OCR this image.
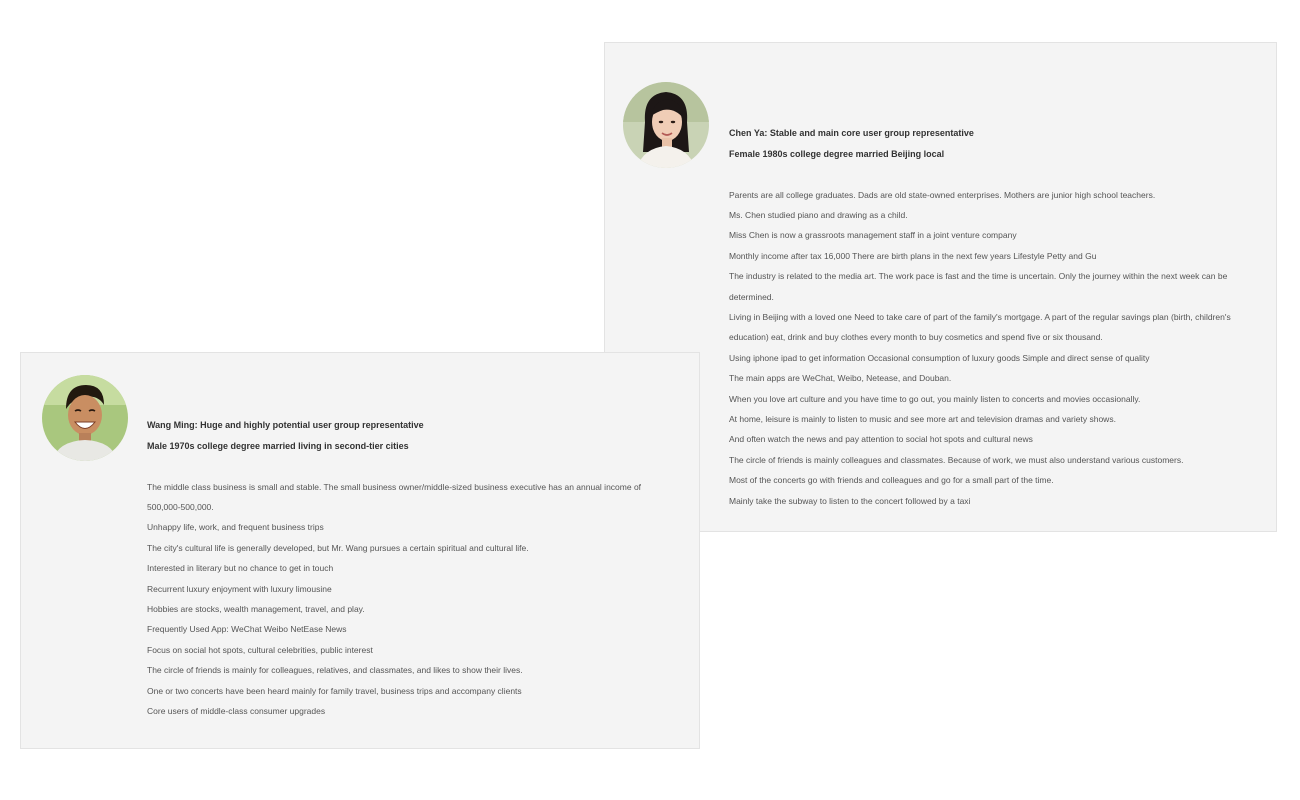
Chen Ya: Stable and main core user group representative
Female 1980s college degree married Beijing local
Parents are all college graduates. Dads are old state-owned enterprises. Mothers are junior high school teachers.
Ms. Chen studied piano and drawing as a child.
Miss Chen is now a grassroots management staff in a joint venture company
Monthly income after tax 16,000 There are birth plans in the next few years Lifestyle Petty and Gu
The industry is related to the media art. The work pace is fast and the time is uncertain. Only the journey within the next week can be
determined.
Living in Beijing with a loved one Need to take care of part of the family's mortgage. A part of the regular savings plan (birth, children's
education) eat, drink and buy clothes every month to buy cosmetics and spend five or six thousand.
Using iphone ipad to get information Occasional consumption of luxury goods Simple and direct sense of quality
The main apps are WeChat, Weibo, Netease, and Douban.
When you love art culture and you have time to go out, you mainly listen to concerts and movies occasionally.
At home, leisure is mainly to listen to music and see more art and television dramas and variety shows.
And often watch the news and pay attention to social hot spots and cultural news
The circle of friends is mainly colleagues and classmates. Because of work, we must also understand various customers.
Most of the concerts go with friends and colleagues and go for a small part of the time.
Mainly take the subway to listen to the concert followed by a taxi
Wang Ming: Huge and highly potential user group representative
Male 1970s college degree married living in second-tier cities
The middle class business is small and stable. The small business owner/middle-sized business executive has an annual income of
500,000-500,000.
Unhappy life, work, and frequent business trips
The city's cultural life is generally developed, but Mr. Wang pursues a certain spiritual and cultural life.
Interested in literary but no chance to get in touch
Recurrent luxury enjoyment with luxury limousine
Hobbies are stocks, wealth management, travel, and play.
Frequently Used App: WeChat Weibo NetEase News
Focus on social hot spots, cultural celebrities, public interest
The circle of friends is mainly for colleagues, relatives, and classmates, and likes to show their lives.
One or two concerts have been heard mainly for family travel, business trips and accompany clients
Core users of middle-class consumer upgrades
